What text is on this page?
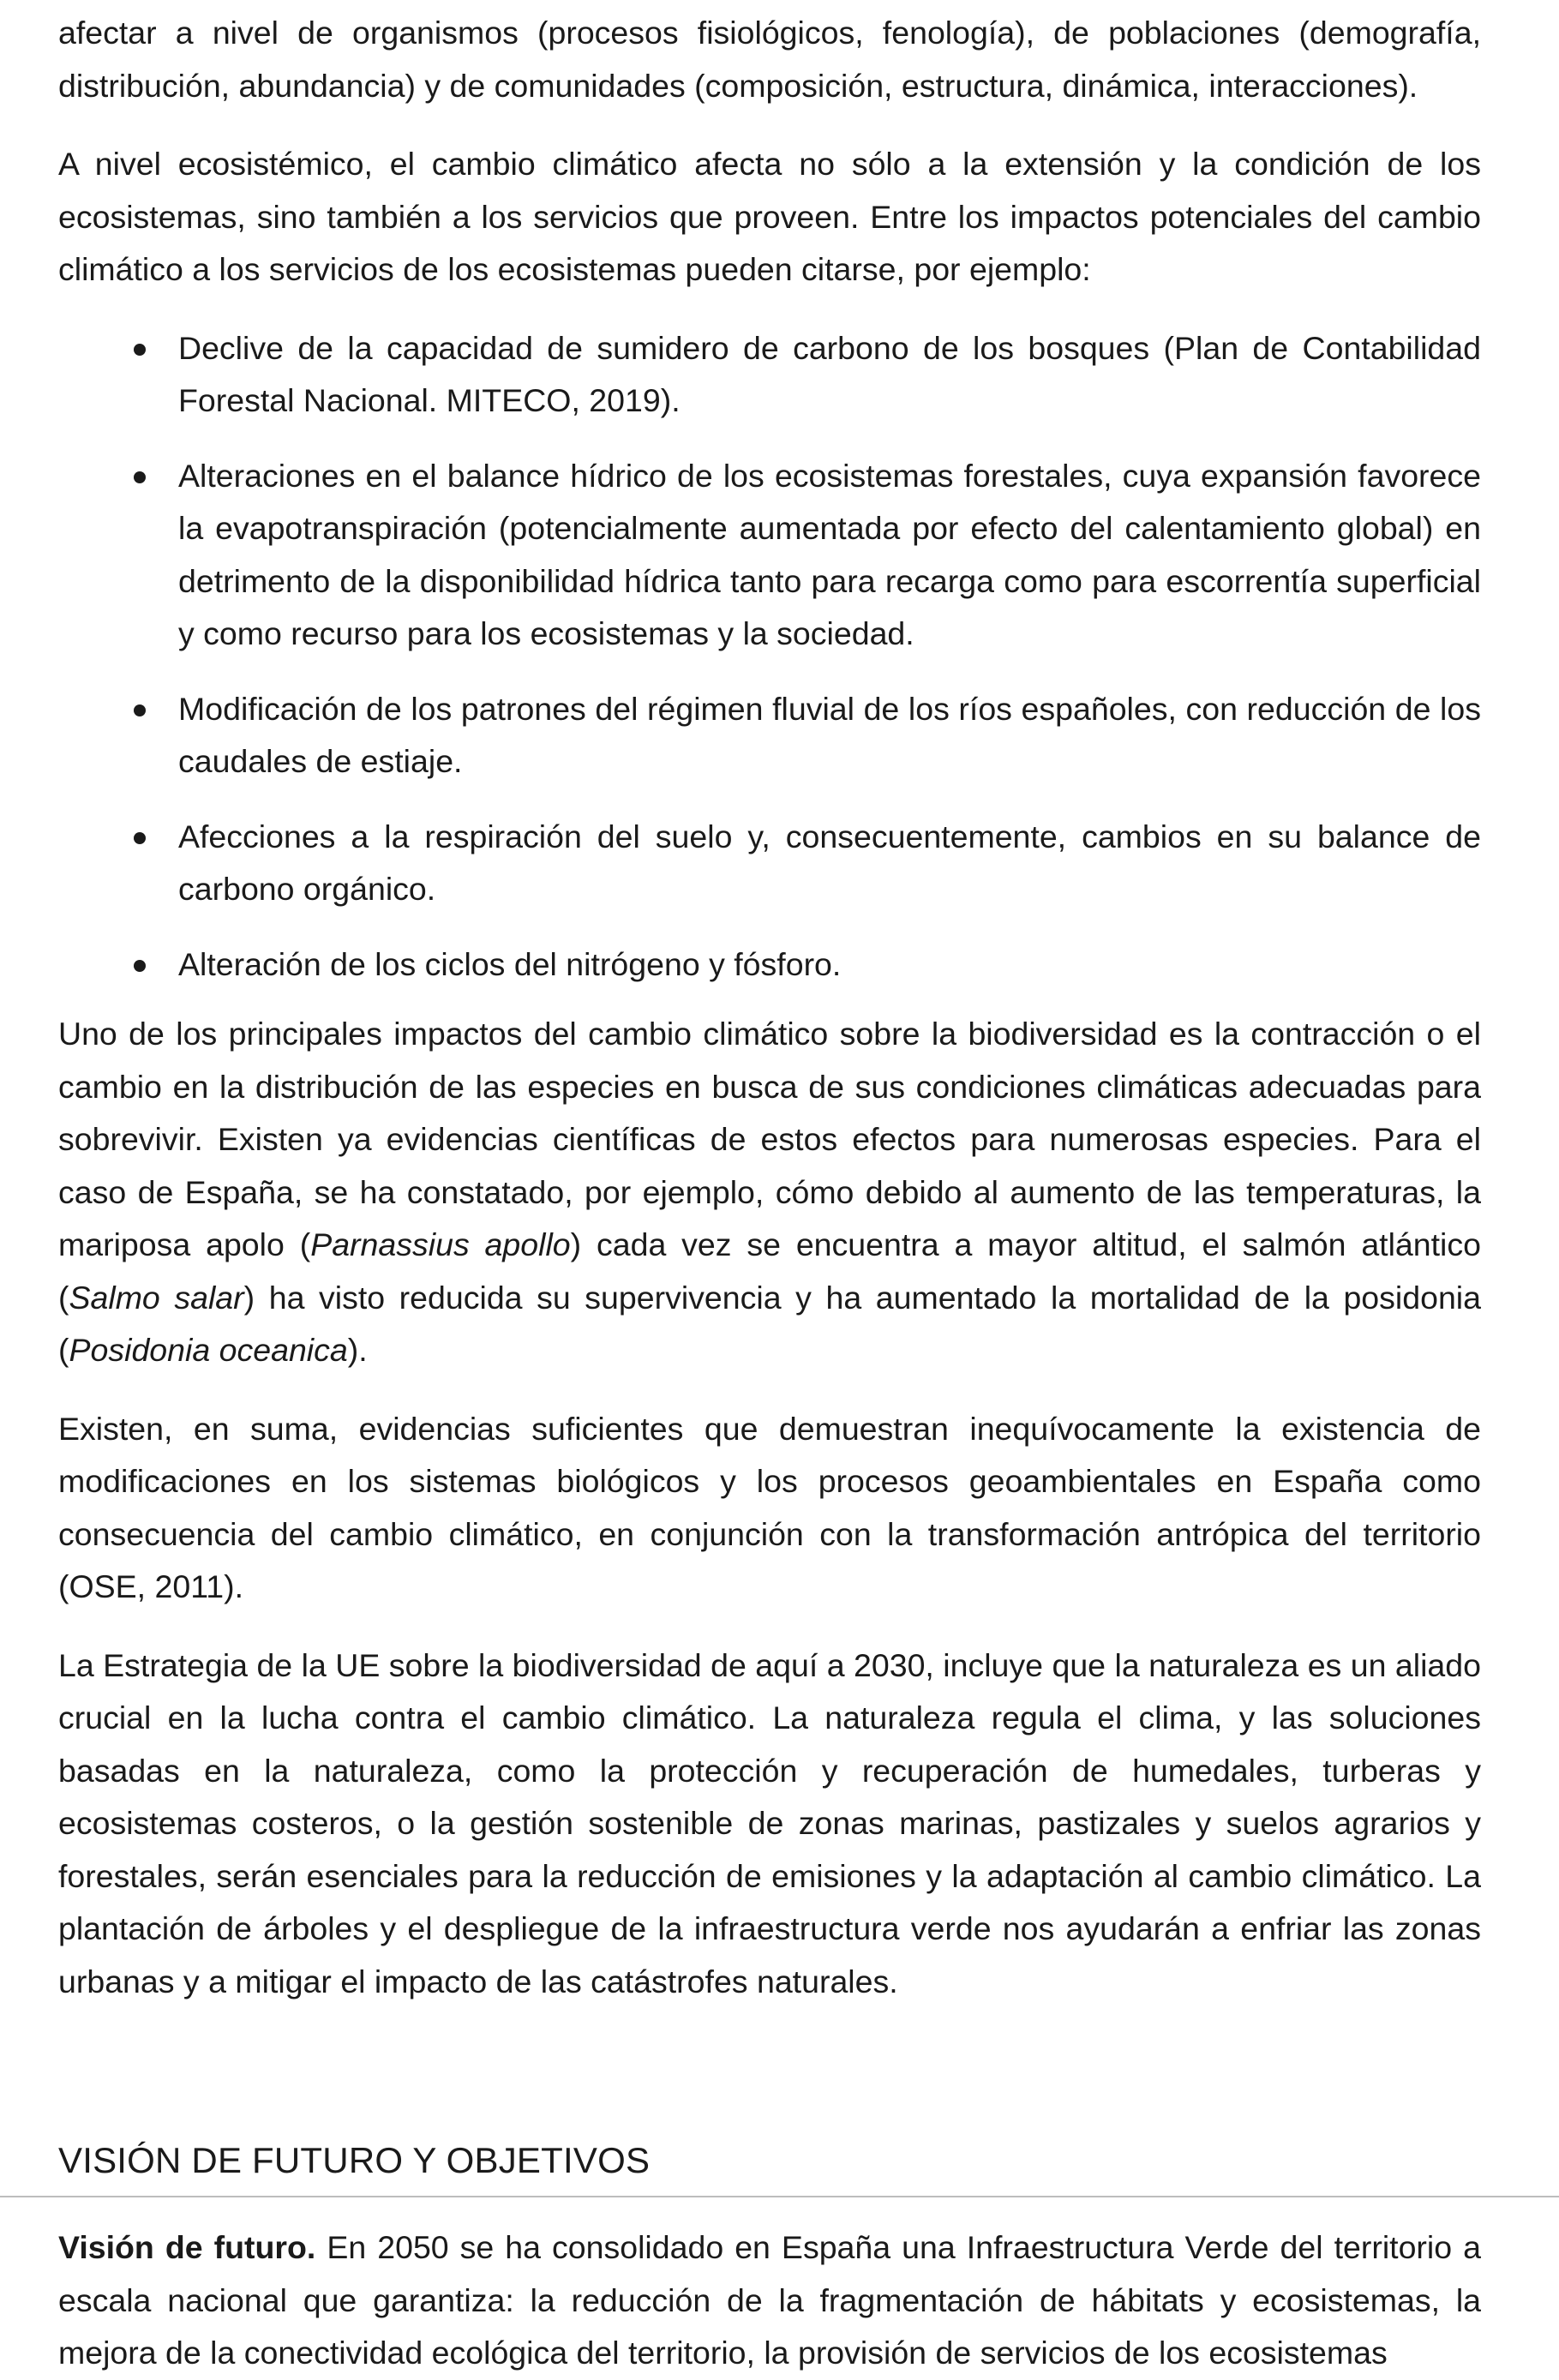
afectar a nivel de organismos (procesos fisiológicos, fenología), de poblaciones (demografía, distribución, abundancia) y de comunidades (composición, estructura, dinámica, interacciones).

A nivel ecosistémico, el cambio climático afecta no sólo a la extensión y la condición de los ecosistemas, sino también a los servicios que proveen. Entre los impactos potenciales del cambio climático a los servicios de los ecosistemas pueden citarse, por ejemplo:

Declive de la capacidad de sumidero de carbono de los bosques (Plan de Contabilidad Forestal Nacional. MITECO, 2019).
Alteraciones en el balance hídrico de los ecosistemas forestales, cuya expansión favorece la evapotranspiración (potencialmente aumentada por efecto del calentamiento global) en detrimento de la disponibilidad hídrica tanto para recarga como para escorrentía superficial y como recurso para los ecosistemas y la sociedad.
Modificación de los patrones del régimen fluvial de los ríos españoles, con reducción de los caudales de estiaje.
Afecciones a la respiración del suelo y, consecuentemente, cambios en su balance de carbono orgánico.
Alteración de los ciclos del nitrógeno y fósforo.

Uno de los principales impactos del cambio climático sobre la biodiversidad es la contracción o el cambio en la distribución de las especies en busca de sus condiciones climáticas adecuadas para sobrevivir. Existen ya evidencias científicas de estos efectos para numerosas especies. Para el caso de España, se ha constatado, por ejemplo, cómo debido al aumento de las temperaturas, la mariposa apolo (Parnassius apollo) cada vez se encuentra a mayor altitud, el salmón atlántico (Salmo salar) ha visto reducida su supervivencia y ha aumentado la mortalidad de la posidonia (Posidonia oceanica).

Existen, en suma, evidencias suficientes que demuestran inequívocamente la existencia de modificaciones en los sistemas biológicos y los procesos geoambientales en España como consecuencia del cambio climático, en conjunción con la transformación antrópica del territorio (OSE, 2011).

La Estrategia de la UE sobre la biodiversidad de aquí a 2030, incluye que la naturaleza es un aliado crucial en la lucha contra el cambio climático. La naturaleza regula el clima, y las soluciones basadas en la naturaleza, como la protección y recuperación de humedales, turberas y ecosistemas costeros, o la gestión sostenible de zonas marinas, pastizales y suelos agrarios y forestales, serán esenciales para la reducción de emisiones y la adaptación al cambio climático. La plantación de árboles y el despliegue de la infraestructura verde nos ayudarán a enfriar las zonas urbanas y a mitigar el impacto de las catástrofes naturales.

VISIÓN DE FUTURO Y OBJETIVOS

Visión de futuro. En 2050 se ha consolidado en España una Infraestructura Verde del territorio a escala nacional que garantiza: la reducción de la fragmentación de hábitats y ecosistemas, la mejora de la conectividad ecológica del territorio, la provisión de servicios de los ecosistemas
